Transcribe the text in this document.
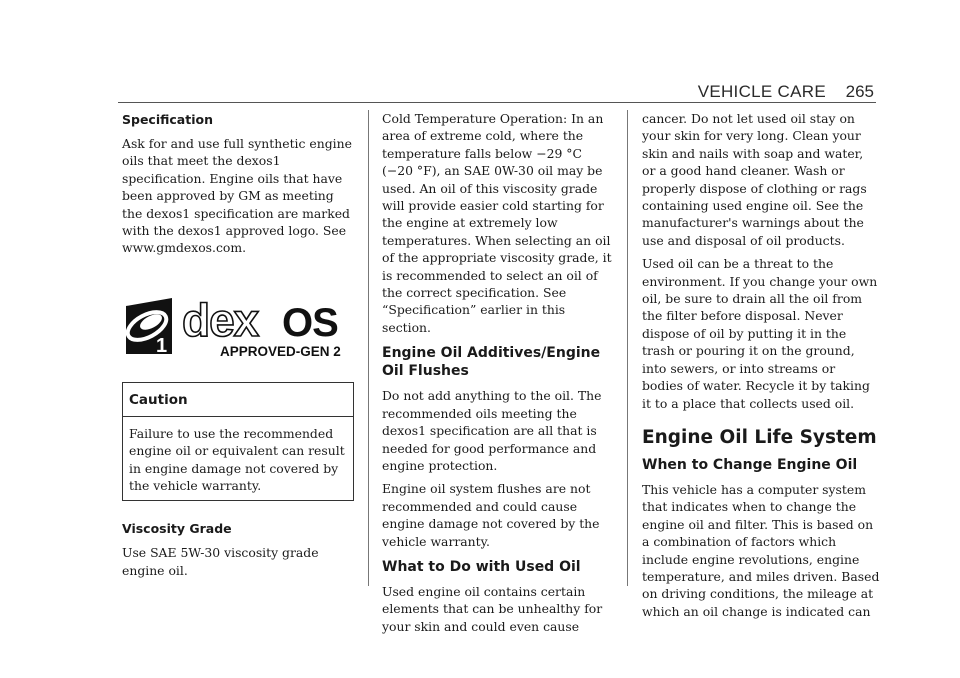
VEHICLE CARE 265
Specification

Ask for and use full synthetic engine oils that meet the dexos1 specification. Engine oils that have been approved by GM as meeting the dexos1 specification are marked with the dexos1 approved logo. See www.gmdexos.com.

1 dex OS
APPROVED-GEN 2
Caution

Failure to use the recommended engine oil or equivalent can result in engine damage not covered by the vehicle warranty.

Viscosity Grade

Use SAE 5W-30 viscosity grade engine oil.

Cold Temperature Operation: In an area of extreme cold, where the temperature falls below −29 °C (−20 °F), an SAE 0W-30 oil may be used. An oil of this viscosity grade will provide easier cold starting for the engine at extremely low temperatures. When selecting an oil of the appropriate viscosity grade, it is recommended to select an oil of the correct specification. See “Specification” earlier in this section.

Engine Oil Additives/Engine Oil Flushes

Do not add anything to the oil. The recommended oils meeting the dexos1 specification are all that is needed for good performance and engine protection.

Engine oil system flushes are not recommended and could cause engine damage not covered by the vehicle warranty.

What to Do with Used Oil

Used engine oil contains certain elements that can be unhealthy for your skin and could even cause

cancer. Do not let used oil stay on your skin for very long. Clean your skin and nails with soap and water, or a good hand cleaner. Wash or properly dispose of clothing or rags containing used engine oil. See the manufacturer's warnings about the use and disposal of oil products.

Used oil can be a threat to the environment. If you change your own oil, be sure to drain all the oil from the filter before disposal. Never dispose of oil by putting it in the trash or pouring it on the ground, into sewers, or into streams or bodies of water. Recycle it by taking it to a place that collects used oil.

Engine Oil Life System
When to Change Engine Oil

This vehicle has a computer system that indicates when to change the engine oil and filter. This is based on a combination of factors which include engine revolutions, engine temperature, and miles driven. Based on driving conditions, the mileage at which an oil change is indicated can
